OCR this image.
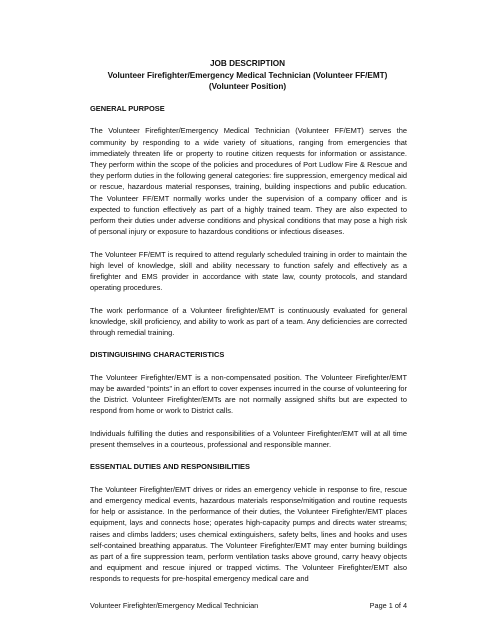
JOB DESCRIPTION
Volunteer Firefighter/Emergency Medical Technician (Volunteer FF/EMT)
(Volunteer Position)
GENERAL PURPOSE

The Volunteer Firefighter/Emergency Medical Technician (Volunteer FF/EMT) serves the community by responding to a wide variety of situations, ranging from emergencies that immediately threaten life or property to routine citizen requests for information or assistance. They perform within the scope of the policies and procedures of Port Ludlow Fire & Rescue and they perform duties in the following general categories: fire suppression, emergency medical aid or rescue, hazardous material responses, training, building inspections and public education. The Volunteer FF/EMT normally works under the supervision of a company officer and is expected to function effectively as part of a highly trained team. They are also expected to perform their duties under adverse conditions and physical conditions that may pose a high risk of personal injury or exposure to hazardous conditions or infectious diseases.

The Volunteer FF/EMT is required to attend regularly scheduled training in order to maintain the high level of knowledge, skill and ability necessary to function safely and effectively as a firefighter and EMS provider in accordance with state law, county protocols, and standard operating procedures.

The work performance of a Volunteer firefighter/EMT is continuously evaluated for general knowledge, skill proficiency, and ability to work as part of a team. Any deficiencies are corrected through remedial training.

DISTINGUISHING CHARACTERISTICS

The Volunteer Firefighter/EMT is a non-compensated position. The Volunteer Firefighter/EMT may be awarded “points” in an effort to cover expenses incurred in the course of volunteering for the District. Volunteer Firefighter/EMTs are not normally assigned shifts but are expected to respond from home or work to District calls.

Individuals fulfilling the duties and responsibilities of a Volunteer Firefighter/EMT will at all time present themselves in a courteous, professional and responsible manner.

ESSENTIAL DUTIES AND RESPONSIBILITIES

The Volunteer Firefighter/EMT drives or rides an emergency vehicle in response to fire, rescue and emergency medical events, hazardous materials response/mitigation and routine requests for help or assistance. In the performance of their duties, the Volunteer Firefighter/EMT places equipment, lays and connects hose; operates high-capacity pumps and directs water streams; raises and climbs ladders; uses chemical extinguishers, safety belts, lines and hooks and uses self-contained breathing apparatus. The Volunteer Firefighter/EMT may enter burning buildings as part of a fire suppression team, perform ventilation tasks above ground, carry heavy objects and equipment and rescue injured or trapped victims. The Volunteer Firefighter/EMT also responds to requests for pre-hospital emergency medical care and

Volunteer Firefighter/Emergency Medical Technician	Page 1 of 4
